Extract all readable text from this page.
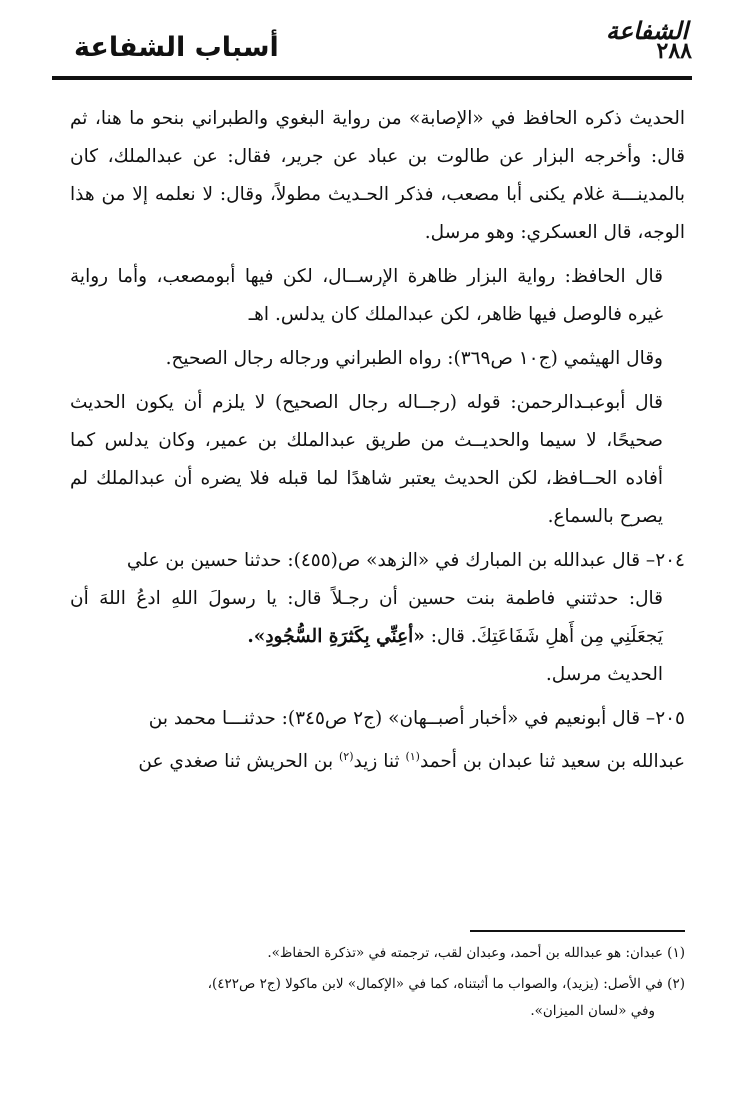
الشفاعة
أسباب الشفاعة	٢٨٨

الحديث ذكره الحافظ في «الإصابة» من رواية البغوي والطبراني بنحو ما هنا، ثم قال: وأخرجه البزار عن طالوت بن عباد عن جرير، فقال: عن عبدالملك، كان بالمدينـــة غلام يكنى أبا مصعب، فذكر الحـديث مطولاً، وقال: لا نعلمه إلا من هذا الوجه، قال العسكري: وهو مرسل.

قال الحافظ: رواية البزار ظاهرة الإرســال، لكن فيها أبومصعب، وأما رواية غيره فالوصل فيها ظاهر، لكن عبدالملك كان يدلس. اهـ

وقال الهيثمي (ج١٠ ص٣٦٩): رواه الطبراني ورجاله رجال الصحيح.

قال أبوعبـدالرحمن: قوله (رجــاله رجال الصحيح) لا يلزم أن يكون الحديث صحيحًا، لا سيما والحديــث من طريق عبدالملك بن عمير، وكان يدلس كما أفاده الحــافظ، لكن الحديث يعتبر شاهدًا لما قبله فلا يضره أن عبدالملك لم يصرح بالسماع.

٢٠٤– قال عبدالله بن المبارك في «الزهد» ص(٤٥٥): حدثنا حسين بن علي

قال: حدثتني فاطمة بنت حسين أن رجـلاً قال: يا رسولَ اللهِ ادعُ اللهَ أن يَجعَلَنِي مِن أَهلِ شَفَاعَتِكَ. قال: «أعِنِّي بِكَثرَةِ السُّجُودِ».

الحديث مرسل.

٢٠٥– قال أبونعيم في «أخبار أصبــهان» (ج٢ ص٣٤٥): حدثنـــا محمد بن

عبدالله بن سعيد ثنا عبدان بن أحمد$^{(١)}$ ثنا زيد$^{(٢)}$ بن الحريش ثنا صغدي عن

(١) عبدان: هو عبدالله بن أحمد، وعبدان لقب، ترجمته في «تذكرة الحفاظ».

(٢) في الأصل: (يزيد)، والصواب ما أثبتناه، كما في «الإكمال» لابن ماكولا (ج٢ ص٤٢٢)،

وفي «لسان الميزان».
